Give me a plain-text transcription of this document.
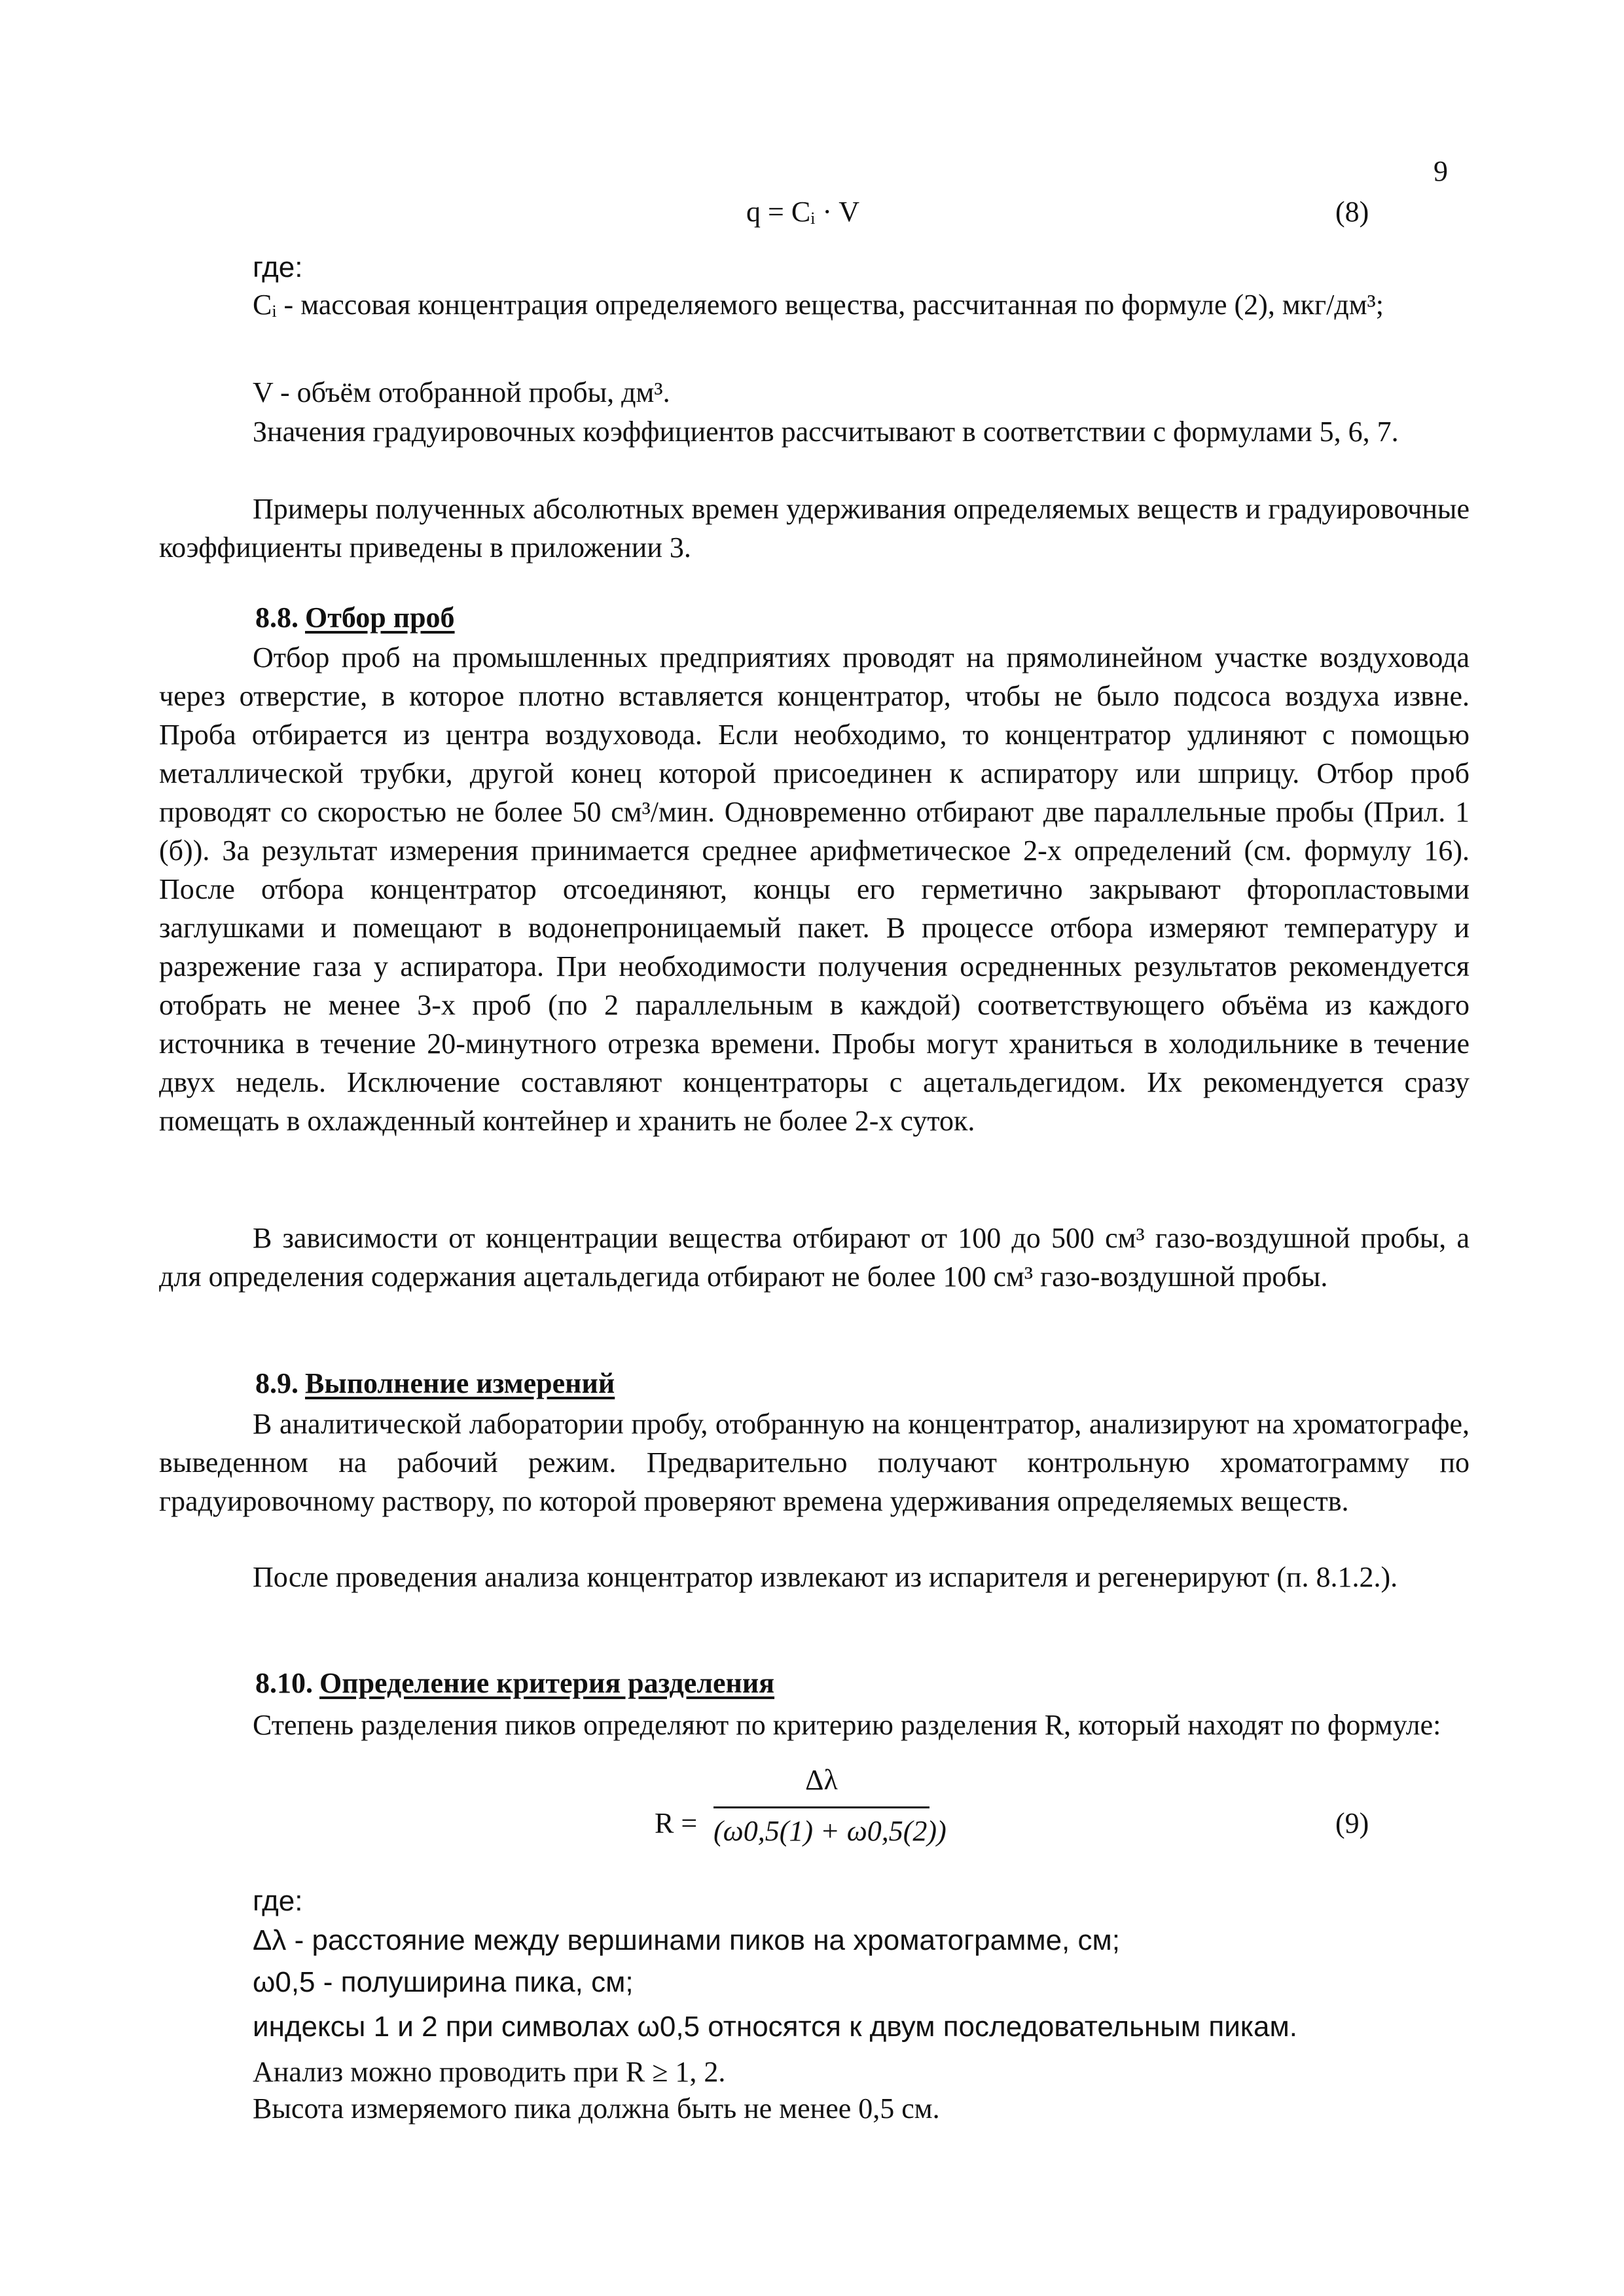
9
q = Cᵢ · V	(8)
где:

Сᵢ - массовая концентрация определяемого вещества, рассчитанная по формуле (2), мкг/дм³;

V - объём отобранной пробы, дм³.

Значения градуировочных коэффициентов рассчитывают в соответствии с формулами 5, 6, 7.

Примеры полученных абсолютных времен удерживания определяемых веществ и градуировочные коэффициенты приведены в приложении 3.

8.8. Отбор проб

Отбор проб на промышленных предприятиях проводят на прямолинейном участке воздуховода через отверстие, в которое плотно вставляется концентратор, чтобы не было подсоса воздуха извне. Проба отбирается из центра воздуховода. Если необходимо, то концентратор удлиняют с помощью металлической трубки, другой конец которой присоединен к аспиратору или шприцу. Отбор проб проводят со скоростью не более 50 см³/мин. Одновременно отбирают две параллельные пробы (Прил. 1 (б)). За результат измерения принимается среднее арифметическое 2-х определений (см. формулу 16). После отбора концентратор отсоединяют, концы его герметично закрывают фторопластовыми заглушками и помещают в водонепроницаемый пакет. В процессе отбора измеряют температуру и разрежение газа у аспиратора. При необходимости получения осредненных результатов рекомендуется отобрать не менее 3-х проб (по 2 параллельным в каждой) соответствующего объёма из каждого источника в течение 20-минутного отрезка времени. Пробы могут храниться в холодильнике в течение двух недель. Исключение составляют концентраторы с ацетальдегидом. Их рекомендуется сразу помещать в охлажденный контейнер и хранить не более 2-х суток.

В зависимости от концентрации вещества отбирают от 100 до 500 см³ газо-воздушной пробы, а для определения содержания ацетальдегида отбирают не более 100 см³ газо-воздушной пробы.

8.9. Выполнение измерений

В аналитической лаборатории пробу, отобранную на концентратор, анализируют на хроматографе, выведенном на рабочий режим. Предварительно получают контрольную хроматограмму по градуировочному раствору, по которой проверяют времена удерживания определяемых веществ.

После проведения анализа концентратор извлекают из испарителя и регенерируют (п. 8.1.2.).

8.10. Определение критерия разделения

Степень разделения пиков определяют по критерию разделения R, который находят по формуле:

R =
Δλ
(ω0,5(1) + ω0,5(2))	(9)
где:
Δλ - расстояние между вершинами пиков на хроматограмме, см;
ω0,5 - полуширина пика, см;
индексы 1 и 2 при символах ω0,5 относятся к двум последовательным пикам.
Анализ можно проводить при R ≥ 1, 2.
Высота измеряемого пика должна быть не менее 0,5 см.
